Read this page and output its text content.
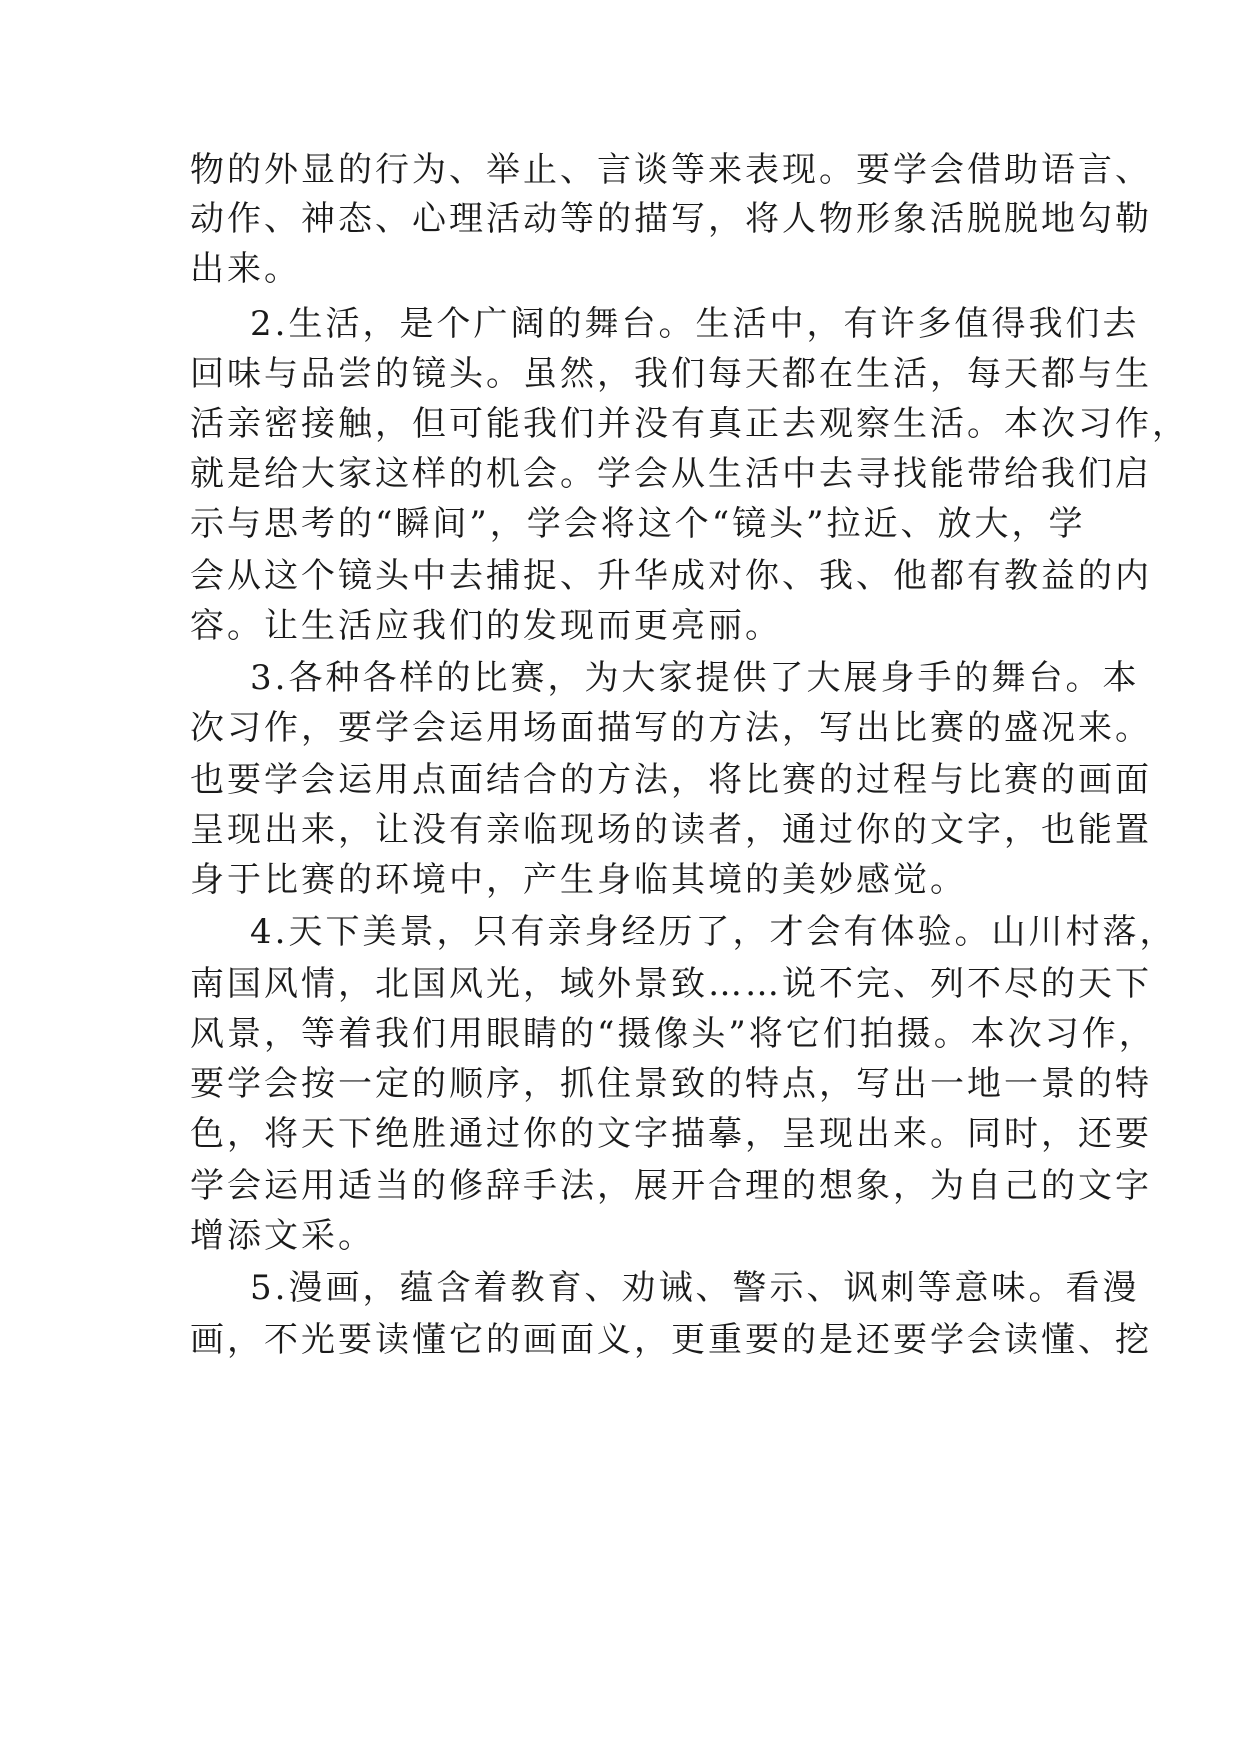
物的外显的行为、举止、言谈等来表现。要学会借助语言、
动作、神态、心理活动等的描写，将人物形象活脱脱地勾勒
出来。
2.生活，是个广阔的舞台。生活中，有许多值得我们去
回味与品尝的镜头。虽然，我们每天都在生活，每天都与生
活亲密接触，但可能我们并没有真正去观察生活。本次习作，
就是给大家这样的机会。学会从生活中去寻找能带给我们启
示与思考的“瞬间”，学会将这个“镜头”拉近、放大，学
会从这个镜头中去捕捉、升华成对你、我、他都有教益的内
容。让生活应我们的发现而更亮丽。
3.各种各样的比赛，为大家提供了大展身手的舞台。本
次习作，要学会运用场面描写的方法，写出比赛的盛况来。
也要学会运用点面结合的方法，将比赛的过程与比赛的画面
呈现出来，让没有亲临现场的读者，通过你的文字，也能置
身于比赛的环境中，产生身临其境的美妙感觉。
4.天下美景，只有亲身经历了，才会有体验。山川村落，
南国风情，北国风光，域外景致……说不完、列不尽的天下
风景，等着我们用眼睛的“摄像头”将它们拍摄。本次习作，
要学会按一定的顺序，抓住景致的特点，写出一地一景的特
色，将天下绝胜通过你的文字描摹，呈现出来。同时，还要
学会运用适当的修辞手法，展开合理的想象，为自己的文字
增添文采。
5.漫画，蕴含着教育、劝诫、警示、讽刺等意味。看漫
画，不光要读懂它的画面义，更重要的是还要学会读懂、挖
